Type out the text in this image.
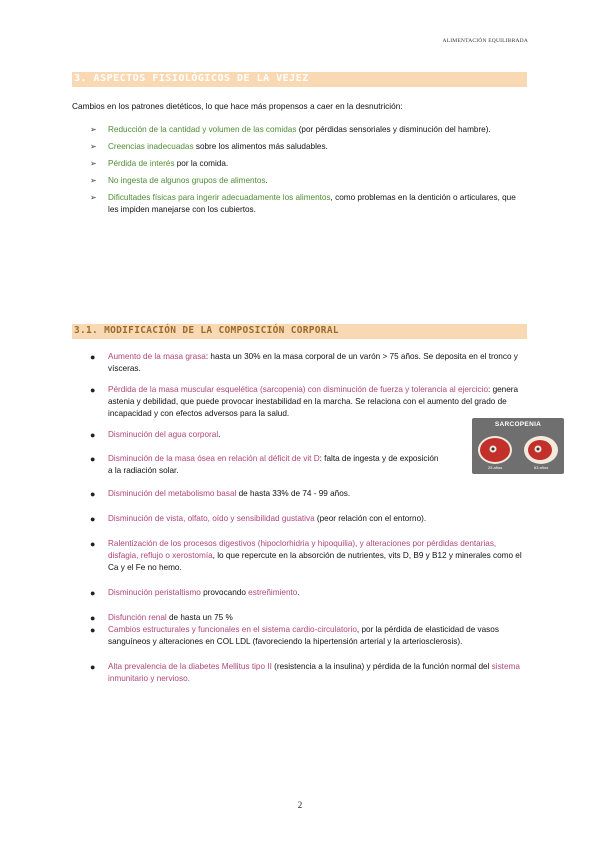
ALIMENTACIÓN EQUILIBRADA
3. ASPECTOS FISIOLÓGICOS DE LA VEJEZ
Cambios en los patrones dietéticos, lo que hace más propensos a caer en la desnutrición:
➢ Reducción de la cantidad y volumen de las comidas (por pérdidas sensoriales y disminución del hambre).
➢ Creencias inadecuadas sobre los alimentos más saludables.
➢ Pérdida de interés por la comida.
➢ No ingesta de algunos grupos de alimentos.
➢ Dificultades físicas para ingerir adecuadamente los alimentos, como problemas en la dentición o articulares, que les impiden manejarse con los cubiertos.
3.1. MODIFICACIÓN DE LA COMPOSICIÓN CORPORAL
● Aumento de la masa grasa: hasta un 30% en la masa corporal de un varón > 75 años. Se deposita en el tronco y vísceras.
● Pérdida de la masa muscular esquelética (sarcopenia) con disminución de fuerza y tolerancia al ejercicio: genera astenia y debilidad, que puede provocar inestabilidad en la marcha. Se relaciona con el aumento del grado de incapacidad y con efectos adversos para la salud.
● Disminución del agua corporal.
● Disminución de la masa ósea en relación al déficit de vit D: falta de ingesta y de exposición a la radiación solar.
● Disminución del metabolismo basal de hasta 33% de 74 - 99 años.
● Disminución de vista, olfato, oído y sensibilidad gustativa (peor relación con el entorno).
● Ralentización de los procesos digestivos (hipoclorhidria y hipoquilia), y alteraciones por pérdidas dentarias, disfagia, reflujo o xerostomía, lo que repercute en la absorción de nutrientes, vits D, B9 y B12 y minerales como el Ca y el Fe no hemo.
● Disminución peristaltismo provocando estreñimiento.
● Disfunción renal de hasta un 75 %
● Cambios estructurales y funcionales en el sistema cardio-circulatorio, por la pérdida de elasticidad de vasos sanguíneos y alteraciones en COL LDL (favoreciendo la hipertensión arterial y la arteriosclerosis).
● Alta prevalencia de la diabetes Mellitus tipo II (resistencia a la insulina) y pérdida de la función normal del sistema inmunitario y nervioso.
SARCOPENIA
25 años	63 años
2
